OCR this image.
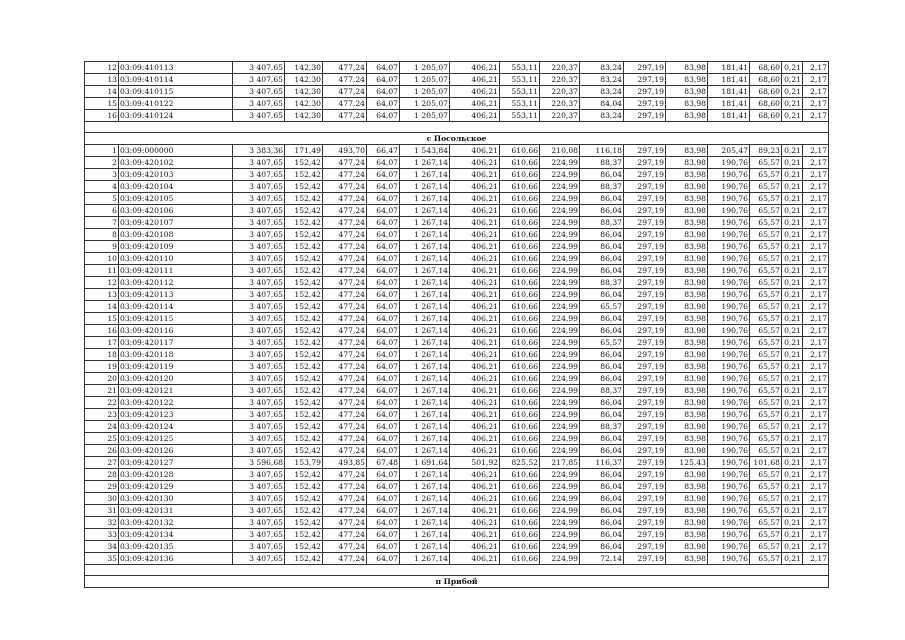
12	03:09:410113	3 407,65	142,30	477,24	64,07	1 205,07	406,21	553,11	220,37	83,24	297,19	83,98	181,41	68,60	0,21	2,17
13	03:09:410114	3 407,65	142,30	477,24	64,07	1 205,07	406,21	553,11	220,37	83,24	297,19	83,98	181,41	68,60	0,21	2,17
14	03:09:410115	3 407,65	142,30	477,24	64,07	1 205,07	406,21	553,11	220,37	83,24	297,19	83,98	181,41	68,60	0,21	2,17
15	03:09:410122	3 407,65	142,30	477,24	64,07	1 205,07	406,21	553,11	220,37	84,04	297,19	83,98	181,41	68,60	0,21	2,17
16	03:09:410124	3 407,65	142,30	477,24	64,07	1 205,07	406,21	553,11	220,37	83,24	297,19	83,98	181,41	68,60	0,21	2,17

с Посольское																
1	03:09:000000	3 383,36	171,49	493,70	66,47	1 543,84	406,21	610,66	210,08	116,18	297,19	83,98	205,47	89,23	0,21	2,17
2	03:09:420102	3 407,65	152,42	477,24	64,07	1 267,14	406,21	610,66	224,99	88,37	297,19	83,98	190,76	65,57	0,21	2,17
3	03:09:420103	3 407,65	152,42	477,24	64,07	1 267,14	406,21	610,66	224,99	86,04	297,19	83,98	190,76	65,57	0,21	2,17
4	03:09:420104	3 407,65	152,42	477,24	64,07	1 267,14	406,21	610,66	224,99	88,37	297,19	83,98	190,76	65,57	0,21	2,17
5	03:09:420105	3 407,65	152,42	477,24	64,07	1 267,14	406,21	610,66	224,99	86,04	297,19	83,98	190,76	65,57	0,21	2,17
6	03:09:420106	3 407,65	152,42	477,24	64,07	1 267,14	406,21	610,66	224,99	86,04	297,19	83,98	190,76	65,57	0,21	2,17
7	03:09:420107	3 407,65	152,42	477,24	64,07	1 267,14	406,21	610,66	224,99	88,37	297,19	83,98	190,76	65,57	0,21	2,17
8	03:09:420108	3 407,65	152,42	477,24	64,07	1 267,14	406,21	610,66	224,99	86,04	297,19	83,98	190,76	65,57	0,21	2,17
9	03:09:420109	3 407,65	152,42	477,24	64,07	1 267,14	406,21	610,66	224,99	86,04	297,19	83,98	190,76	65,57	0,21	2,17
10	03:09:420110	3 407,65	152,42	477,24	64,07	1 267,14	406,21	610,66	224,99	86,04	297,19	83,98	190,76	65,57	0,21	2,17
11	03:09:420111	3 407,65	152,42	477,24	64,07	1 267,14	406,21	610,66	224,99	86,04	297,19	83,98	190,76	65,57	0,21	2,17
12	03:09:420112	3 407,65	152,42	477,24	64,07	1 267,14	406,21	610,66	224,99	88,37	297,19	83,98	190,76	65,57	0,21	2,17
13	03:09:420113	3 407,65	152,42	477,24	64,07	1 267,14	406,21	610,66	224,99	86,04	297,19	83,98	190,76	65,57	0,21	2,17
14	03:09:420114	3 407,65	152,42	477,24	64,07	1 267,14	406,21	610,66	224,99	65,57	297,19	83,98	190,76	65,57	0,21	2,17
15	03:09:420115	3 407,65	152,42	477,24	64,07	1 267,14	406,21	610,66	224,99	86,04	297,19	83,98	190,76	65,57	0,21	2,17
16	03:09:420116	3 407,65	152,42	477,24	64,07	1 267,14	406,21	610,66	224,99	86,04	297,19	83,98	190,76	65,57	0,21	2,17
17	03:09:420117	3 407,65	152,42	477,24	64,07	1 267,14	406,21	610,66	224,99	65,57	297,19	83,98	190,76	65,57	0,21	2,17
18	03:09:420118	3 407,65	152,42	477,24	64,07	1 267,14	406,21	610,66	224,99	86,04	297,19	83,98	190,76	65,57	0,21	2,17
19	03:09:420119	3 407,65	152,42	477,24	64,07	1 267,14	406,21	610,66	224,99	86,04	297,19	83,98	190,76	65,57	0,21	2,17
20	03:09:420120	3 407,65	152,42	477,24	64,07	1 267,14	406,21	610,66	224,99	86,04	297,19	83,98	190,76	65,57	0,21	2,17
21	03:09:420121	3 407,65	152,42	477,24	64,07	1 267,14	406,21	610,66	224,99	88,37	297,19	83,98	190,76	65,57	0,21	2,17
22	03:09:420122	3 407,65	152,42	477,24	64,07	1 267,14	406,21	610,66	224,99	86,04	297,19	83,98	190,76	65,57	0,21	2,17
23	03:09:420123	3 407,65	152,42	477,24	64,07	1 267,14	406,21	610,66	224,99	86,04	297,19	83,98	190,76	65,57	0,21	2,17
24	03:09:420124	3 407,65	152,42	477,24	64,07	1 267,14	406,21	610,66	224,99	88,37	297,19	83,98	190,76	65,57	0,21	2,17
25	03:09:420125	3 407,65	152,42	477,24	64,07	1 267,14	406,21	610,66	224,99	86,04	297,19	83,98	190,76	65,57	0,21	2,17
26	03:09:420126	3 407,65	152,42	477,24	64,07	1 267,14	406,21	610,66	224,99	86,04	297,19	83,98	190,76	65,57	0,21	2,17
27	03:09:420127	3 596,68	153,79	493,85	67,48	1 691,64	501,92	825,52	217,85	116,37	297,19	125,43	190,76	101,68	0,21	2,17
28	03:09:420128	3 407,65	152,42	477,24	64,07	1 267,14	406,21	610,66	224,99	86,04	297,19	83,98	190,76	65,57	0,21	2,17
29	03:09:420129	3 407,65	152,42	477,24	64,07	1 267,14	406,21	610,66	224,99	86,04	297,19	83,98	190,76	65,57	0,21	2,17
30	03:09:420130	3 407,65	152,42	477,24	64,07	1 267,14	406,21	610,66	224,99	86,04	297,19	83,98	190,76	65,57	0,21	2,17
31	03:09:420131	3 407,65	152,42	477,24	64,07	1 267,14	406,21	610,66	224,99	86,04	297,19	83,98	190,76	65,57	0,21	2,17
32	03:09:420132	3 407,65	152,42	477,24	64,07	1 267,14	406,21	610,66	224,99	86,04	297,19	83,98	190,76	65,57	0,21	2,17
33	03:09:420134	3 407,65	152,42	477,24	64,07	1 267,14	406,21	610,66	224,99	86,04	297,19	83,98	190,76	65,57	0,21	2,17
34	03:09:420135	3 407,65	152,42	477,24	64,07	1 267,14	406,21	610,66	224,99	86,04	297,19	83,98	190,76	65,57	0,21	2,17
35	03:09:420136	3 407,65	152,42	477,24	64,07	1 267,14	406,21	610,66	224,99	72,14	297,19	83,98	190,76	65,57	0,21	2,17

п Прибой																
